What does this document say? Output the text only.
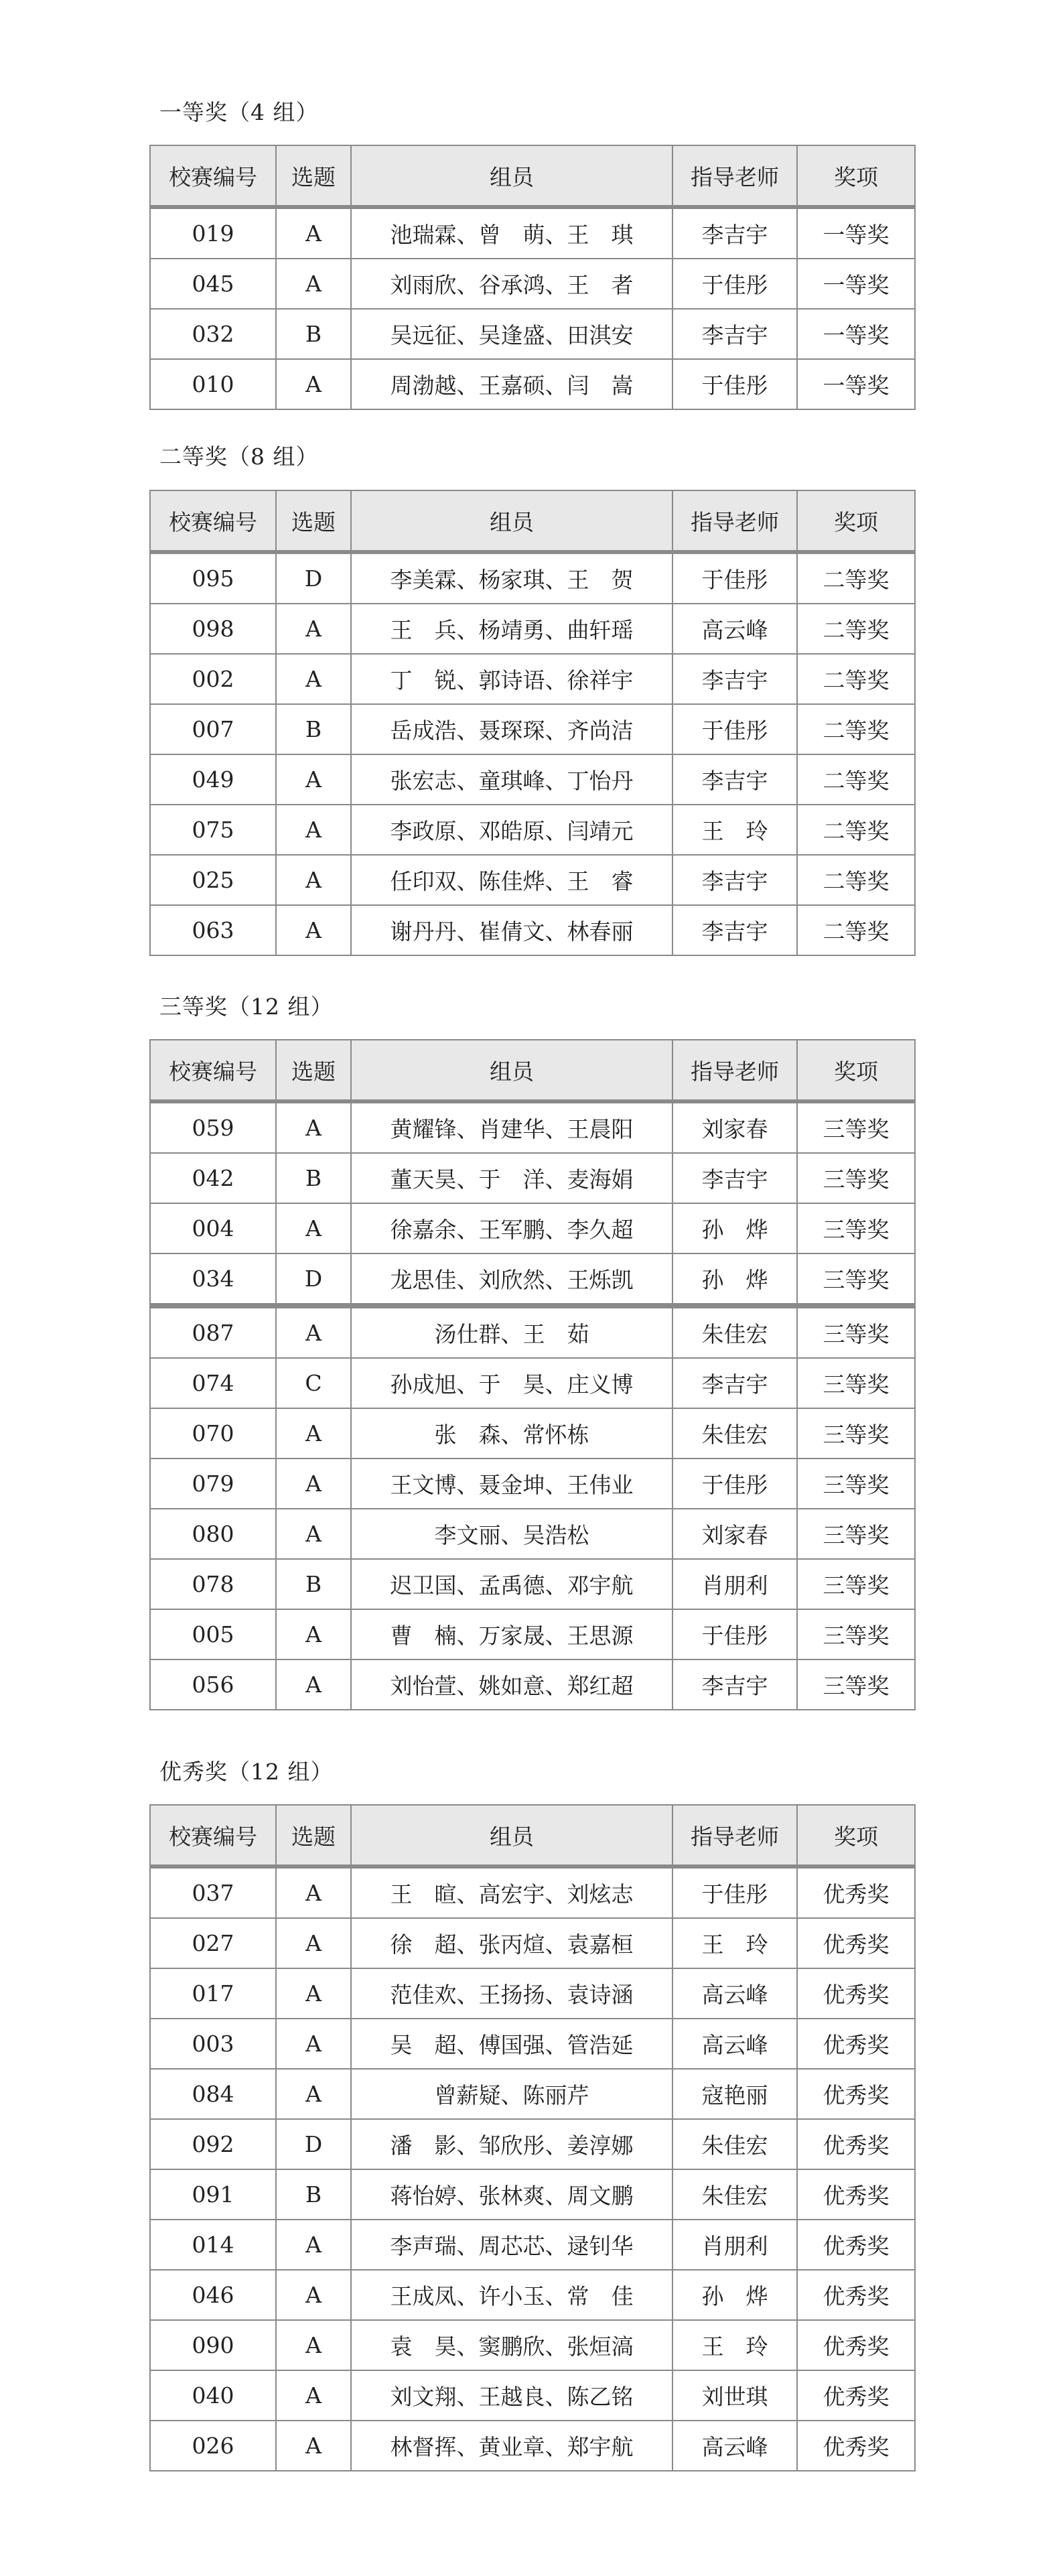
一等奖（4 组）
校赛编号	选题	组员	指导老师	奖项
019	A	池瑞霖、曾　萌、王　琪	李吉宇	一等奖
045	A	刘雨欣、谷承鸿、王　者	于佳彤	一等奖
032	B	吴远征、吴逢盛、田淇安	李吉宇	一等奖
010	A	周渤越、王嘉硕、闫　嵩	于佳彤	一等奖
二等奖（8 组）
校赛编号	选题	组员	指导老师	奖项
095	D	李美霖、杨家琪、王　贺	于佳彤	二等奖
098	A	王　兵、杨靖勇、曲轩瑶	高云峰	二等奖
002	A	丁　锐、郭诗语、徐祥宇	李吉宇	二等奖
007	B	岳成浩、聂琛琛、齐尚洁	于佳彤	二等奖
049	A	张宏志、童琪峰、丁怡丹	李吉宇	二等奖
075	A	李政原、邓皓原、闫靖元	王　玲	二等奖
025	A	任印双、陈佳烨、王　睿	李吉宇	二等奖
063	A	谢丹丹、崔倩文、林春丽	李吉宇	二等奖
三等奖（12 组）
校赛编号	选题	组员	指导老师	奖项
059	A	黄耀锋、肖建华、王晨阳	刘家春	三等奖
042	B	董天昊、于　洋、麦海娟	李吉宇	三等奖
004	A	徐嘉余、王军鹏、李久超	孙　烨	三等奖
034	D	龙思佳、刘欣然、王烁凯	孙　烨	三等奖
087	A	汤仕群、王　茹	朱佳宏	三等奖
074	C	孙成旭、于　昊、庄义博	李吉宇	三等奖
070	A	张　森、常怀栋	朱佳宏	三等奖
079	A	王文博、聂金坤、王伟业	于佳彤	三等奖
080	A	李文丽、吴浩松	刘家春	三等奖
078	B	迟卫国、孟禹德、邓宇航	肖朋利	三等奖
005	A	曹　楠、万家晟、王思源	于佳彤	三等奖
056	A	刘怡萱、姚如意、郑红超	李吉宇	三等奖
优秀奖（12 组）
校赛编号	选题	组员	指导老师	奖项
037	A	王　暄、高宏宇、刘炫志	于佳彤	优秀奖
027	A	徐　超、张丙煊、袁嘉桓	王　玲	优秀奖
017	A	范佳欢、王扬扬、袁诗涵	高云峰	优秀奖
003	A	吴　超、傅国强、管浩延	高云峰	优秀奖
084	A	曾薪疑、陈丽芹	寇艳丽	优秀奖
092	D	潘　影、邹欣彤、姜淳娜	朱佳宏	优秀奖
091	B	蒋怡婷、张林爽、周文鹏	朱佳宏	优秀奖
014	A	李声瑞、周芯芯、逯钊华	肖朋利	优秀奖
046	A	王成凤、许小玉、常　佳	孙　烨	优秀奖
090	A	袁　昊、窦鹏欣、张烜滈	王　玲	优秀奖
040	A	刘文翔、王越良、陈乙铭	刘世琪	优秀奖
026	A	林督挥、黄业章、郑宇航	高云峰	优秀奖
